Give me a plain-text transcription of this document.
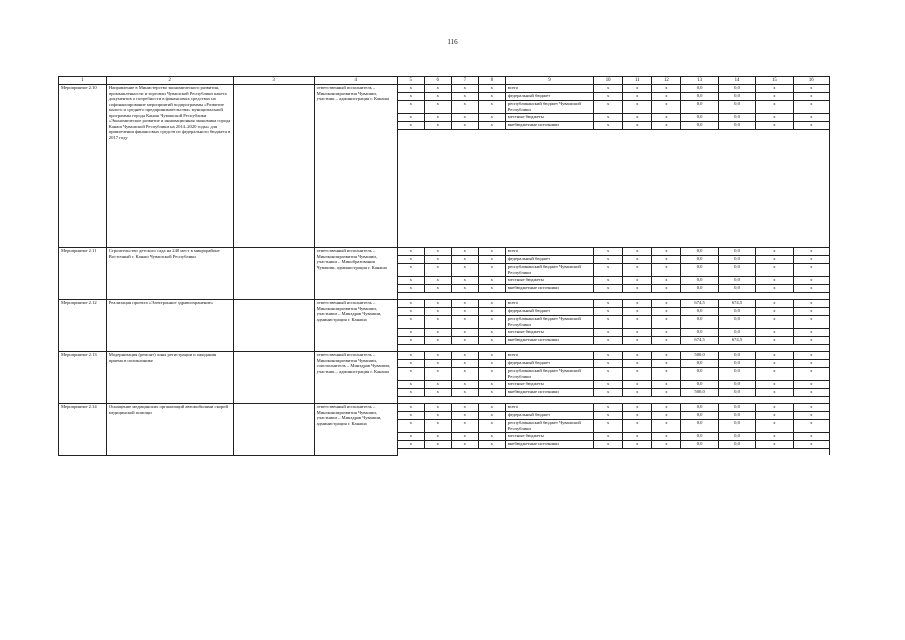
116
1	2	3	4	5	6	7	8	9	10	11	12	13	14	15	16
Мероприятие 2.10	Направление в Министерство экономического развития, промышленности и торговли Чувашской Республики пакета документов о потребности в финансовых средствах на софинансирование мероприятий подпрограммы «Развитие малого и среднего предпринимательства» муниципальной программы города Канаш Чувашской Республики «Экономическое развитие и инновационная экономика города Канаш Чувашской Республики на 2014–2020 годы» для привлечения финансовых средств из федерального бюджета в 2017 году		ответственный исполнитель – Минэкономразвития Чувашии, участник – администрация г. Канаша	х	х	х	х	всего	х	х	х	0,0	0,0	х	х
				х	х	х	х	федеральный бюджет	х	х	х	0,0	0,0	х	х
				х	х	х	х	республиканский бюджет Чувашской Республики	х	х	х	0,0	0,0	х	х
				х	х	х	х	местные бюджеты	х	х	х	0,0	0,0	х	х
				х	х	х	х	внебюджетные источники	х	х	х	0,0	0,0	х	х

Мероприятие 2.11	Строительство детского сада на 240 мест в микрорайоне Восточный г. Канаш Чувашской Республики		ответственный исполнитель – Минэкономразвития Чувашии, участники – Минобразования Чувашии, администрация г. Канаша	х	х	х	х	всего	х	х	х	0,0	0,0	х	х
				х	х	х	х	федеральный бюджет	х	х	х	0,0	0,0	х	х
				х	х	х	х	республиканский бюджет Чувашской Республики	х	х	х	0,0	0,0	х	х
				х	х	х	х	местные бюджеты	х	х	х	0,0	0,0	х	х
				х	х	х	х	внебюджетные источники	х	х	х	0,0	0,0	х	х

Мероприятие 2.12	Реализация проекта «Электронное здравоохранение»		ответственный исполнитель – Минэкономразвития Чувашии, участники – Минздрав Чувашии, администрация г. Канаша	х	х	х	х	всего	х	х	х	674,5	674,5	х	х
				х	х	х	х	федеральный бюджет	х	х	х	0,0	0,0	х	х
				х	х	х	х	республиканский бюджет Чувашской Республики	х	х	х	0,0	0,0	х	х
				х	х	х	х	местные бюджеты	х	х	х	0,0	0,0	х	х
				х	х	х	х	внебюджетные источники	х	х	х	674,5	674,5	х	х

Мероприятие 2.13	Модернизация (ремонт) зоны регистрации и ожидания приема в поликлинике		ответственный исполнитель – Минэкономразвития Чувашии, соисполнитель – Минздрав Чувашии, участник – администрация г. Канаша	х	х	х	х	всего	х	х	х	500,0	0,0	х	х
				х	х	х	х	федеральный бюджет	х	х	х	0,0	0,0	х	х
				х	х	х	х	республиканский бюджет Чувашской Республики	х	х	х	0,0	0,0	х	х
				х	х	х	х	местные бюджеты	х	х	х	0,0	0,0	х	х
				х	х	х	х	внебюджетные источники	х	х	х	500,0	0,0	х	х

Мероприятие 2.14	Оснащение медицинских организаций автомобилями скорой медицинской помощи		ответственный исполнитель – Минэкономразвития Чувашии, участники – Минздрав Чувашии, администрация г. Канаша	х	х	х	х	всего	х	х	х	0,0	0,0	х	х
				х	х	х	х	федеральный бюджет	х	х	х	0,0	0,0	х	х
				х	х	х	х	республиканский бюджет Чувашской Республики	х	х	х	0,0	0,0	х	х
				х	х	х	х	местные бюджеты	х	х	х	0,0	0,0	х	х
				х	х	х	х	внебюджетные источники	х	х	х	0,0	0,0	х	х
